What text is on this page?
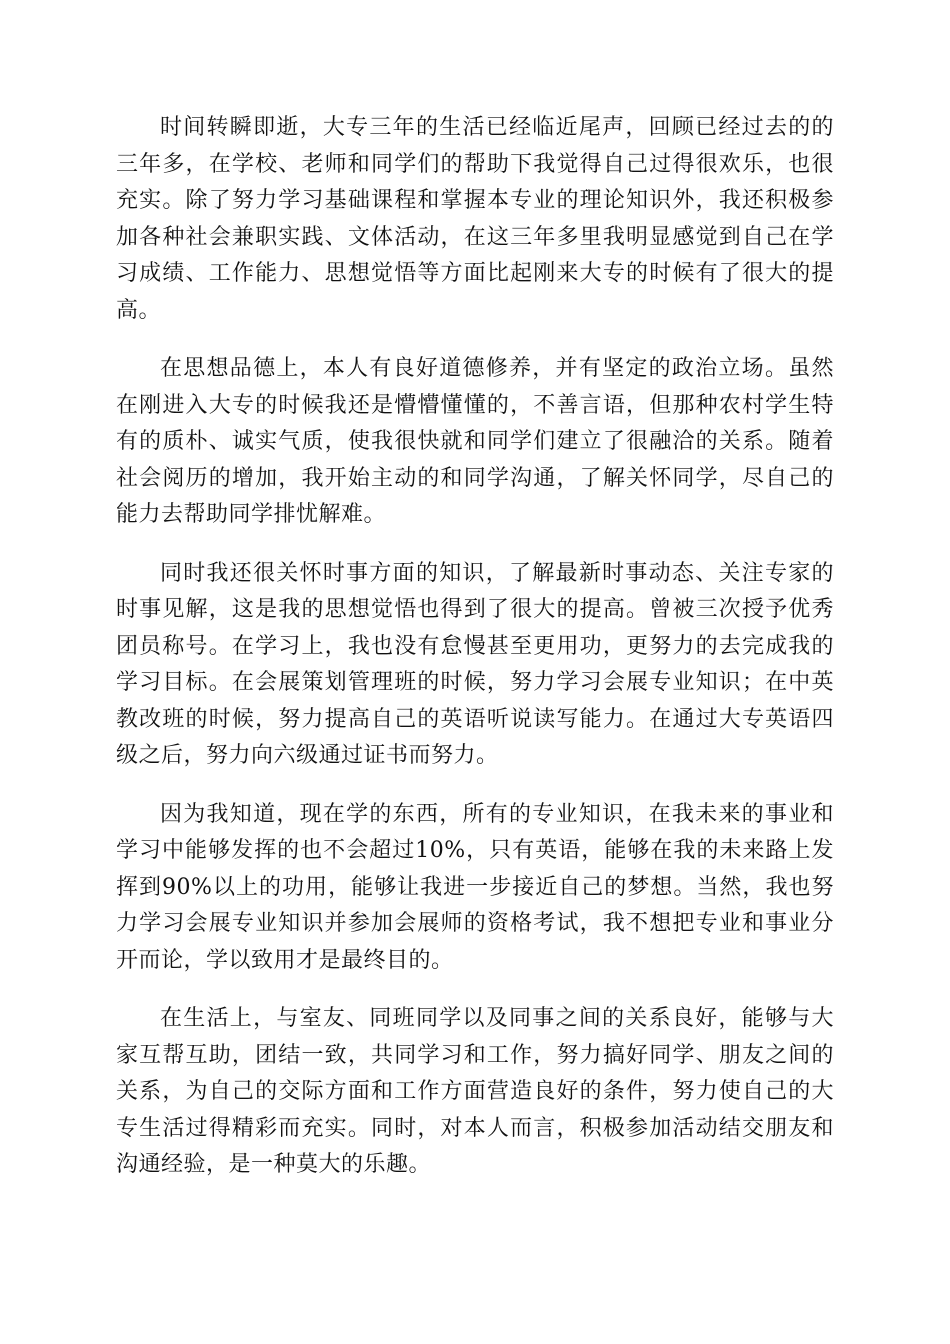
时间转瞬即逝，大专三年的生活已经临近尾声，回顾已经过去的的三年多，在学校、老师和同学们的帮助下我觉得自己过得很欢乐，也很充实。除了努力学习基础课程和掌握本专业的理论知识外，我还积极参加各种社会兼职实践、文体活动，在这三年多里我明显感觉到自己在学习成绩、工作能力、思想觉悟等方面比起刚来大专的时候有了很大的提高。

在思想品德上，本人有良好道德修养，并有坚定的政治立场。虽然在刚进入大专的时候我还是懵懵懂懂的，不善言语，但那种农村学生特有的质朴、诚实气质，使我很快就和同学们建立了很融洽的关系。随着社会阅历的增加，我开始主动的和同学沟通，了解关怀同学，尽自己的能力去帮助同学排忧解难。

同时我还很关怀时事方面的知识，了解最新时事动态、关注专家的时事见解，这是我的思想觉悟也得到了很大的提高。曾被三次授予优秀团员称号。在学习上，我也没有怠慢甚至更用功，更努力的去完成我的学习目标。在会展策划管理班的时候，努力学习会展专业知识；在中英教改班的时候，努力提高自己的英语听说读写能力。在通过大专英语四级之后，努力向六级通过证书而努力。

因为我知道，现在学的东西，所有的专业知识，在我未来的事业和学习中能够发挥的也不会超过10%，只有英语，能够在我的未来路上发挥到90%以上的功用，能够让我进一步接近自己的梦想。当然，我也努力学习会展专业知识并参加会展师的资格考试，我不想把专业和事业分开而论，学以致用才是最终目的。

在生活上，与室友、同班同学以及同事之间的关系良好，能够与大家互帮互助，团结一致，共同学习和工作，努力搞好同学、朋友之间的关系，为自己的交际方面和工作方面营造良好的条件，努力使自己的大专生活过得精彩而充实。同时，对本人而言，积极参加活动结交朋友和沟通经验，是一种莫大的乐趣。
